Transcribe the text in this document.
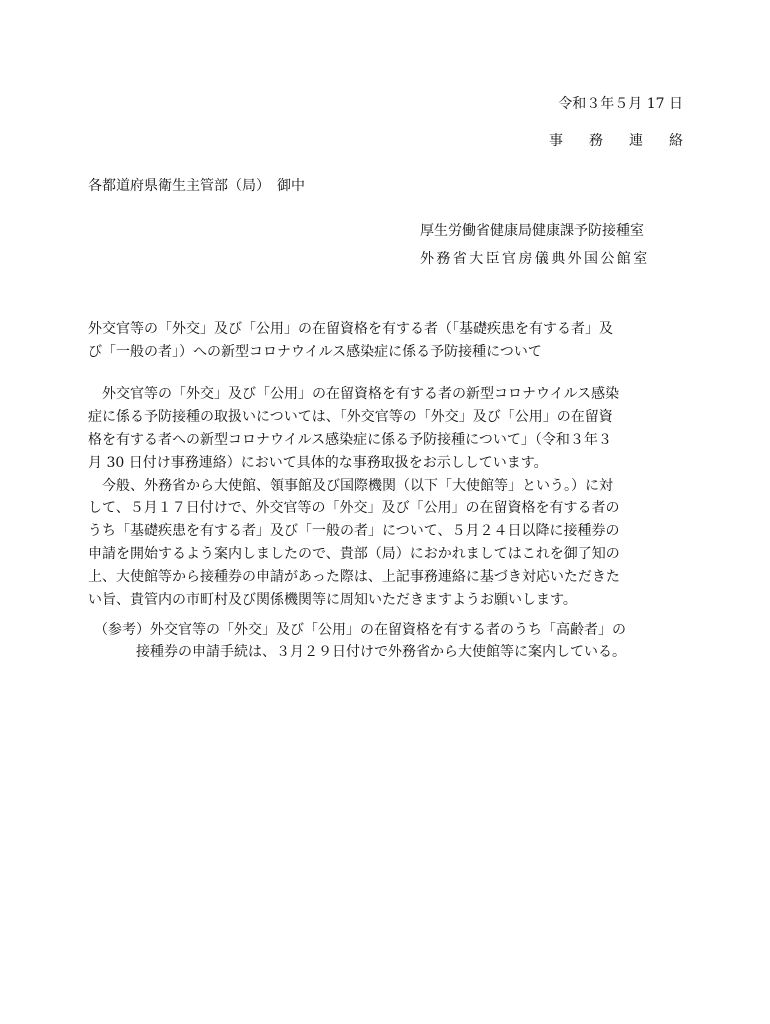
令和３年５月 17 日
事務連絡
各都道府県衛生主管部（局）　御中
厚生労働省健康局健康課予防接種室
外務省大臣官房儀典外国公館室
外交官等の「外交」及び「公用」の在留資格を有する者（「基礎疾患を有する者」及
び「一般の者」）への新型コロナウイルス感染症に係る予防接種について
　外交官等の「外交」及び「公用」の在留資格を有する者の新型コロナウイルス感染
症に係る予防接種の取扱いについては、「外交官等の「外交」及び「公用」の在留資
格を有する者への新型コロナウイルス感染症に係る予防接種について」（令和３年３
月 30 日付け事務連絡）において具体的な事務取扱をお示ししています。
　今般、外務省から大使館、領事館及び国際機関（以下「大使館等」という。）に対
して、５月１７日付けで、外交官等の「外交」及び「公用」の在留資格を有する者の
うち「基礎疾患を有する者」及び「一般の者」について、５月２４日以降に接種券の
申請を開始するよう案内しましたので、貴部（局）におかれましてはこれを御了知の
上、大使館等から接種券の申請があった際は、上記事務連絡に基づき対応いただきた
い旨、貴管内の市町村及び関係機関等に周知いただきますようお願いします。
（参考）外交官等の「外交」及び「公用」の在留資格を有する者のうち「高齢者」の
接種券の申請手続は、３月２９日付けで外務省から大使館等に案内している。
